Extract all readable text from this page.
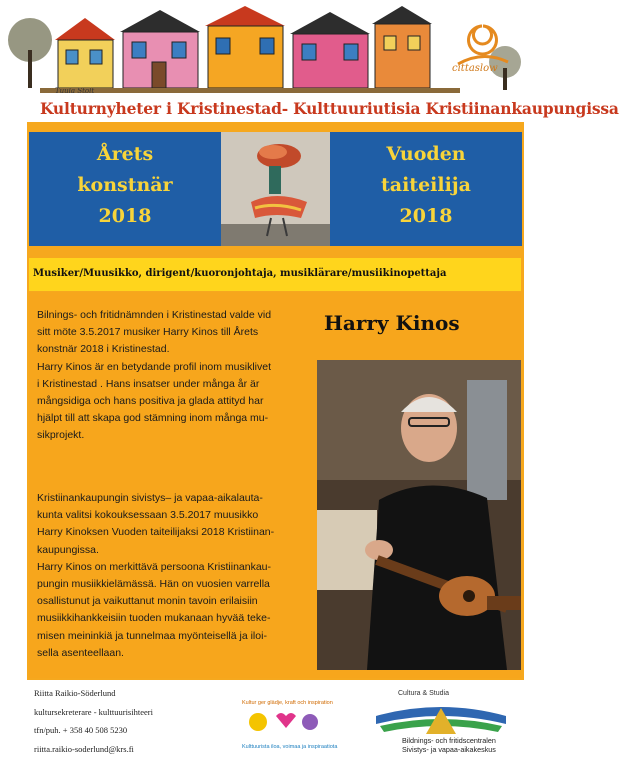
Tuula Stolt
cittaslow
Kulturnyheter i Kristinestad- Kulttuuriutisia Kristiinankaupungissa
Årets
konstnär
2018
Vuoden
taiteilija
2018
Musiker/Muusikko, dirigent/kuoronjohtaja, musiklärare/musiikinopettaja

Bilnings- och fritidnämnden i Kristinestad valde vid

sitt möte 3.5.2017 musiker Harry Kinos till Årets

konstnär 2018 i Kristinestad.

Harry Kinos är en betydande profil inom musiklivet

i Kristinestad . Hans insatser under många år är

mångsidiga och hans positiva ja glada attityd har

hjälpt till att skapa god stämning inom många mu-

sikprojekt.

Harry Kinos

Kristiinankaupungin sivistys– ja vapaa-aikalauta-

kunta valitsi kokouksessaan 3.5.2017 muusikko

Harry Kinoksen Vuoden taiteilijaksi 2018 Kristiinan-

kaupungissa.

Harry Kinos on merkittävä persoona Kristiinankau-

pungin musiikkielämässä. Hän on vuosien varrella

osallistunut ja vaikuttanut monin tavoin erilaisiin

musiikkihankkeisiin tuoden mukanaan hyvää teke-

misen meininkiä ja tunnelmaa myönteisellä ja iloi-

sella asenteellaan.

Riitta Raikio-Söderlund
kultursekreterare - kulttuurisihteeri
tfn/puh. + 358 40 508 5230
riitta.raikio-soderlund@krs.fi
Kultur ger glädje, kraft och inspiration
Kulttuurista iloa, voimaa ja inspiraatiota
Cultura & Studia
Bildnings- och fritidscentralen
Sivistys- ja vapaa-aikakeskus
